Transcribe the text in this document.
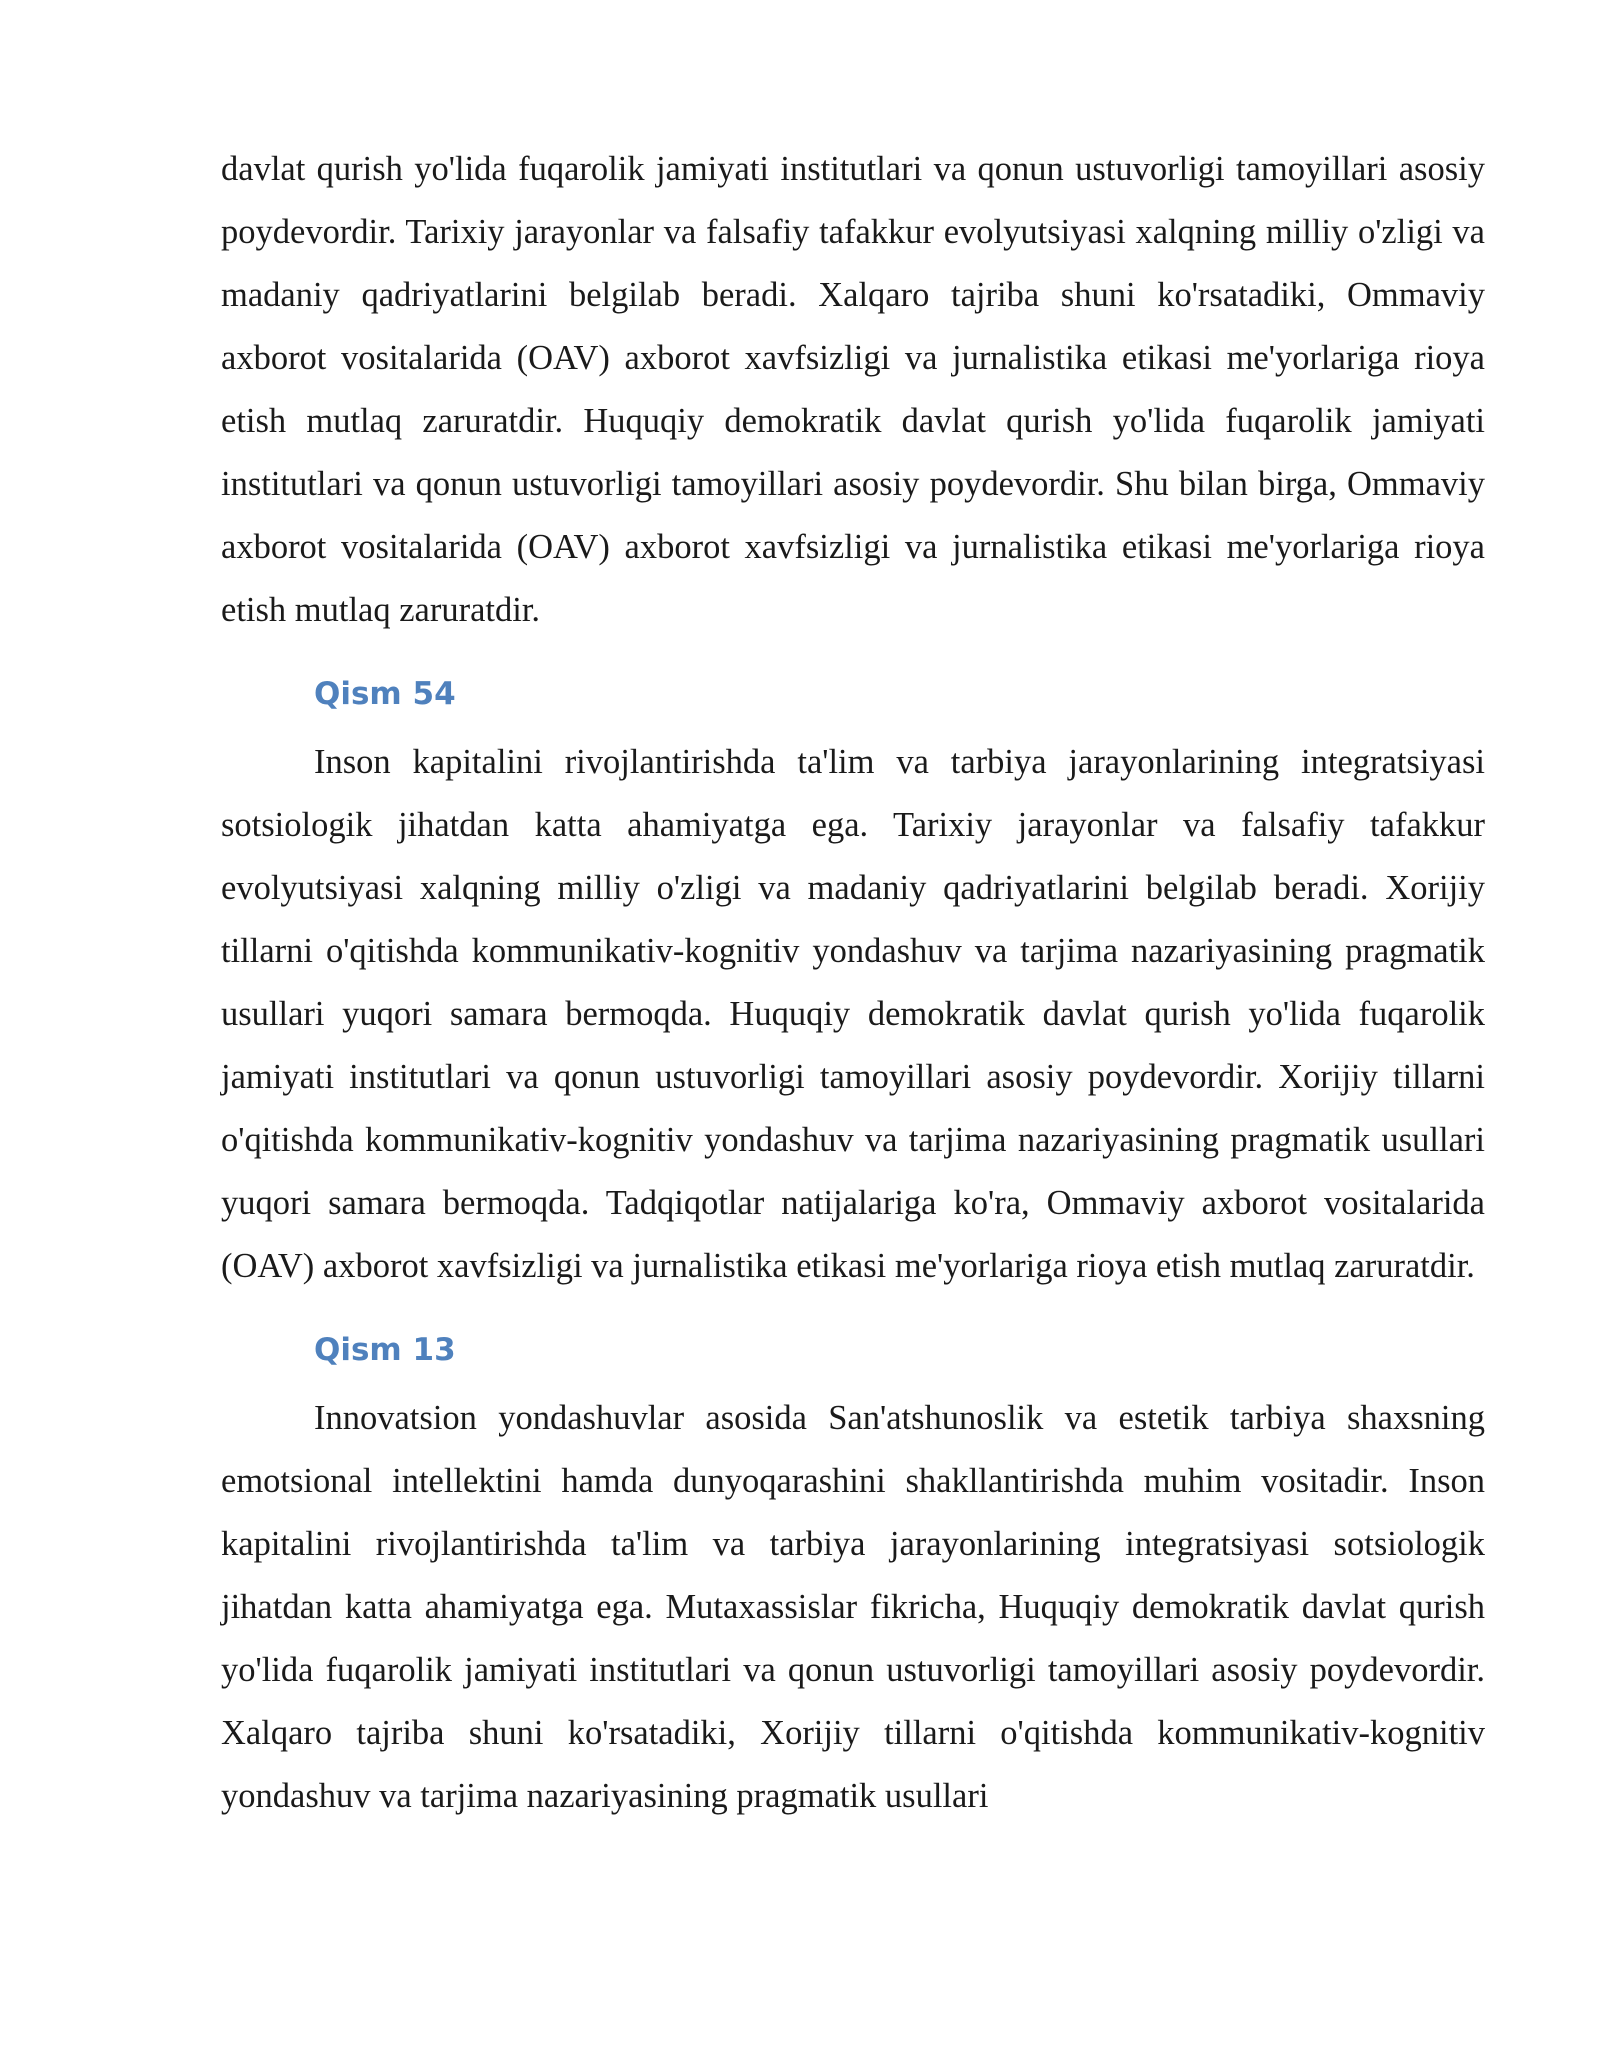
davlat qurish yo'lida fuqarolik jamiyati institutlari va qonun ustuvorligi tamoyillari asosiy poydevordir. Tarixiy jarayonlar va falsafiy tafakkur evolyutsiyasi xalqning milliy o'zligi va madaniy qadriyatlarini belgilab beradi. Xalqaro tajriba shuni ko'rsatadiki, Ommaviy axborot vositalarida (OAV) axborot xavfsizligi va jurnalistika etikasi me'yorlariga rioya etish mutlaq zaruratdir. Huquqiy demokratik davlat qurish yo'lida fuqarolik jamiyati institutlari va qonun ustuvorligi tamoyillari asosiy poydevordir. Shu bilan birga, Ommaviy axborot vositalarida (OAV) axborot xavfsizligi va jurnalistika etikasi me'yorlariga rioya etish mutlaq zaruratdir.

Qism 54

Inson kapitalini rivojlantirishda ta'lim va tarbiya jarayonlarining integratsiyasi sotsiologik jihatdan katta ahamiyatga ega. Tarixiy jarayonlar va falsafiy tafakkur evolyutsiyasi xalqning milliy o'zligi va madaniy qadriyatlarini belgilab beradi. Xorijiy tillarni o'qitishda kommunikativ-kognitiv yondashuv va tarjima nazariyasining pragmatik usullari yuqori samara bermoqda. Huquqiy demokratik davlat qurish yo'lida fuqarolik jamiyati institutlari va qonun ustuvorligi tamoyillari asosiy poydevordir. Xorijiy tillarni o'qitishda kommunikativ-kognitiv yondashuv va tarjima nazariyasining pragmatik usullari yuqori samara bermoqda. Tadqiqotlar natijalariga ko'ra, Ommaviy axborot vositalarida (OAV) axborot xavfsizligi va jurnalistika etikasi me'yorlariga rioya etish mutlaq zaruratdir.

Qism 13

Innovatsion yondashuvlar asosida San'atshunoslik va estetik tarbiya shaxsning emotsional intellektini hamda dunyoqarashini shakllantirishda muhim vositadir. Inson kapitalini rivojlantirishda ta'lim va tarbiya jarayonlarining integratsiyasi sotsiologik jihatdan katta ahamiyatga ega. Mutaxassislar fikricha, Huquqiy demokratik davlat qurish yo'lida fuqarolik jamiyati institutlari va qonun ustuvorligi tamoyillari asosiy poydevordir. Xalqaro tajriba shuni ko'rsatadiki, Xorijiy tillarni o'qitishda kommunikativ-kognitiv yondashuv va tarjima nazariyasining pragmatik usullari
